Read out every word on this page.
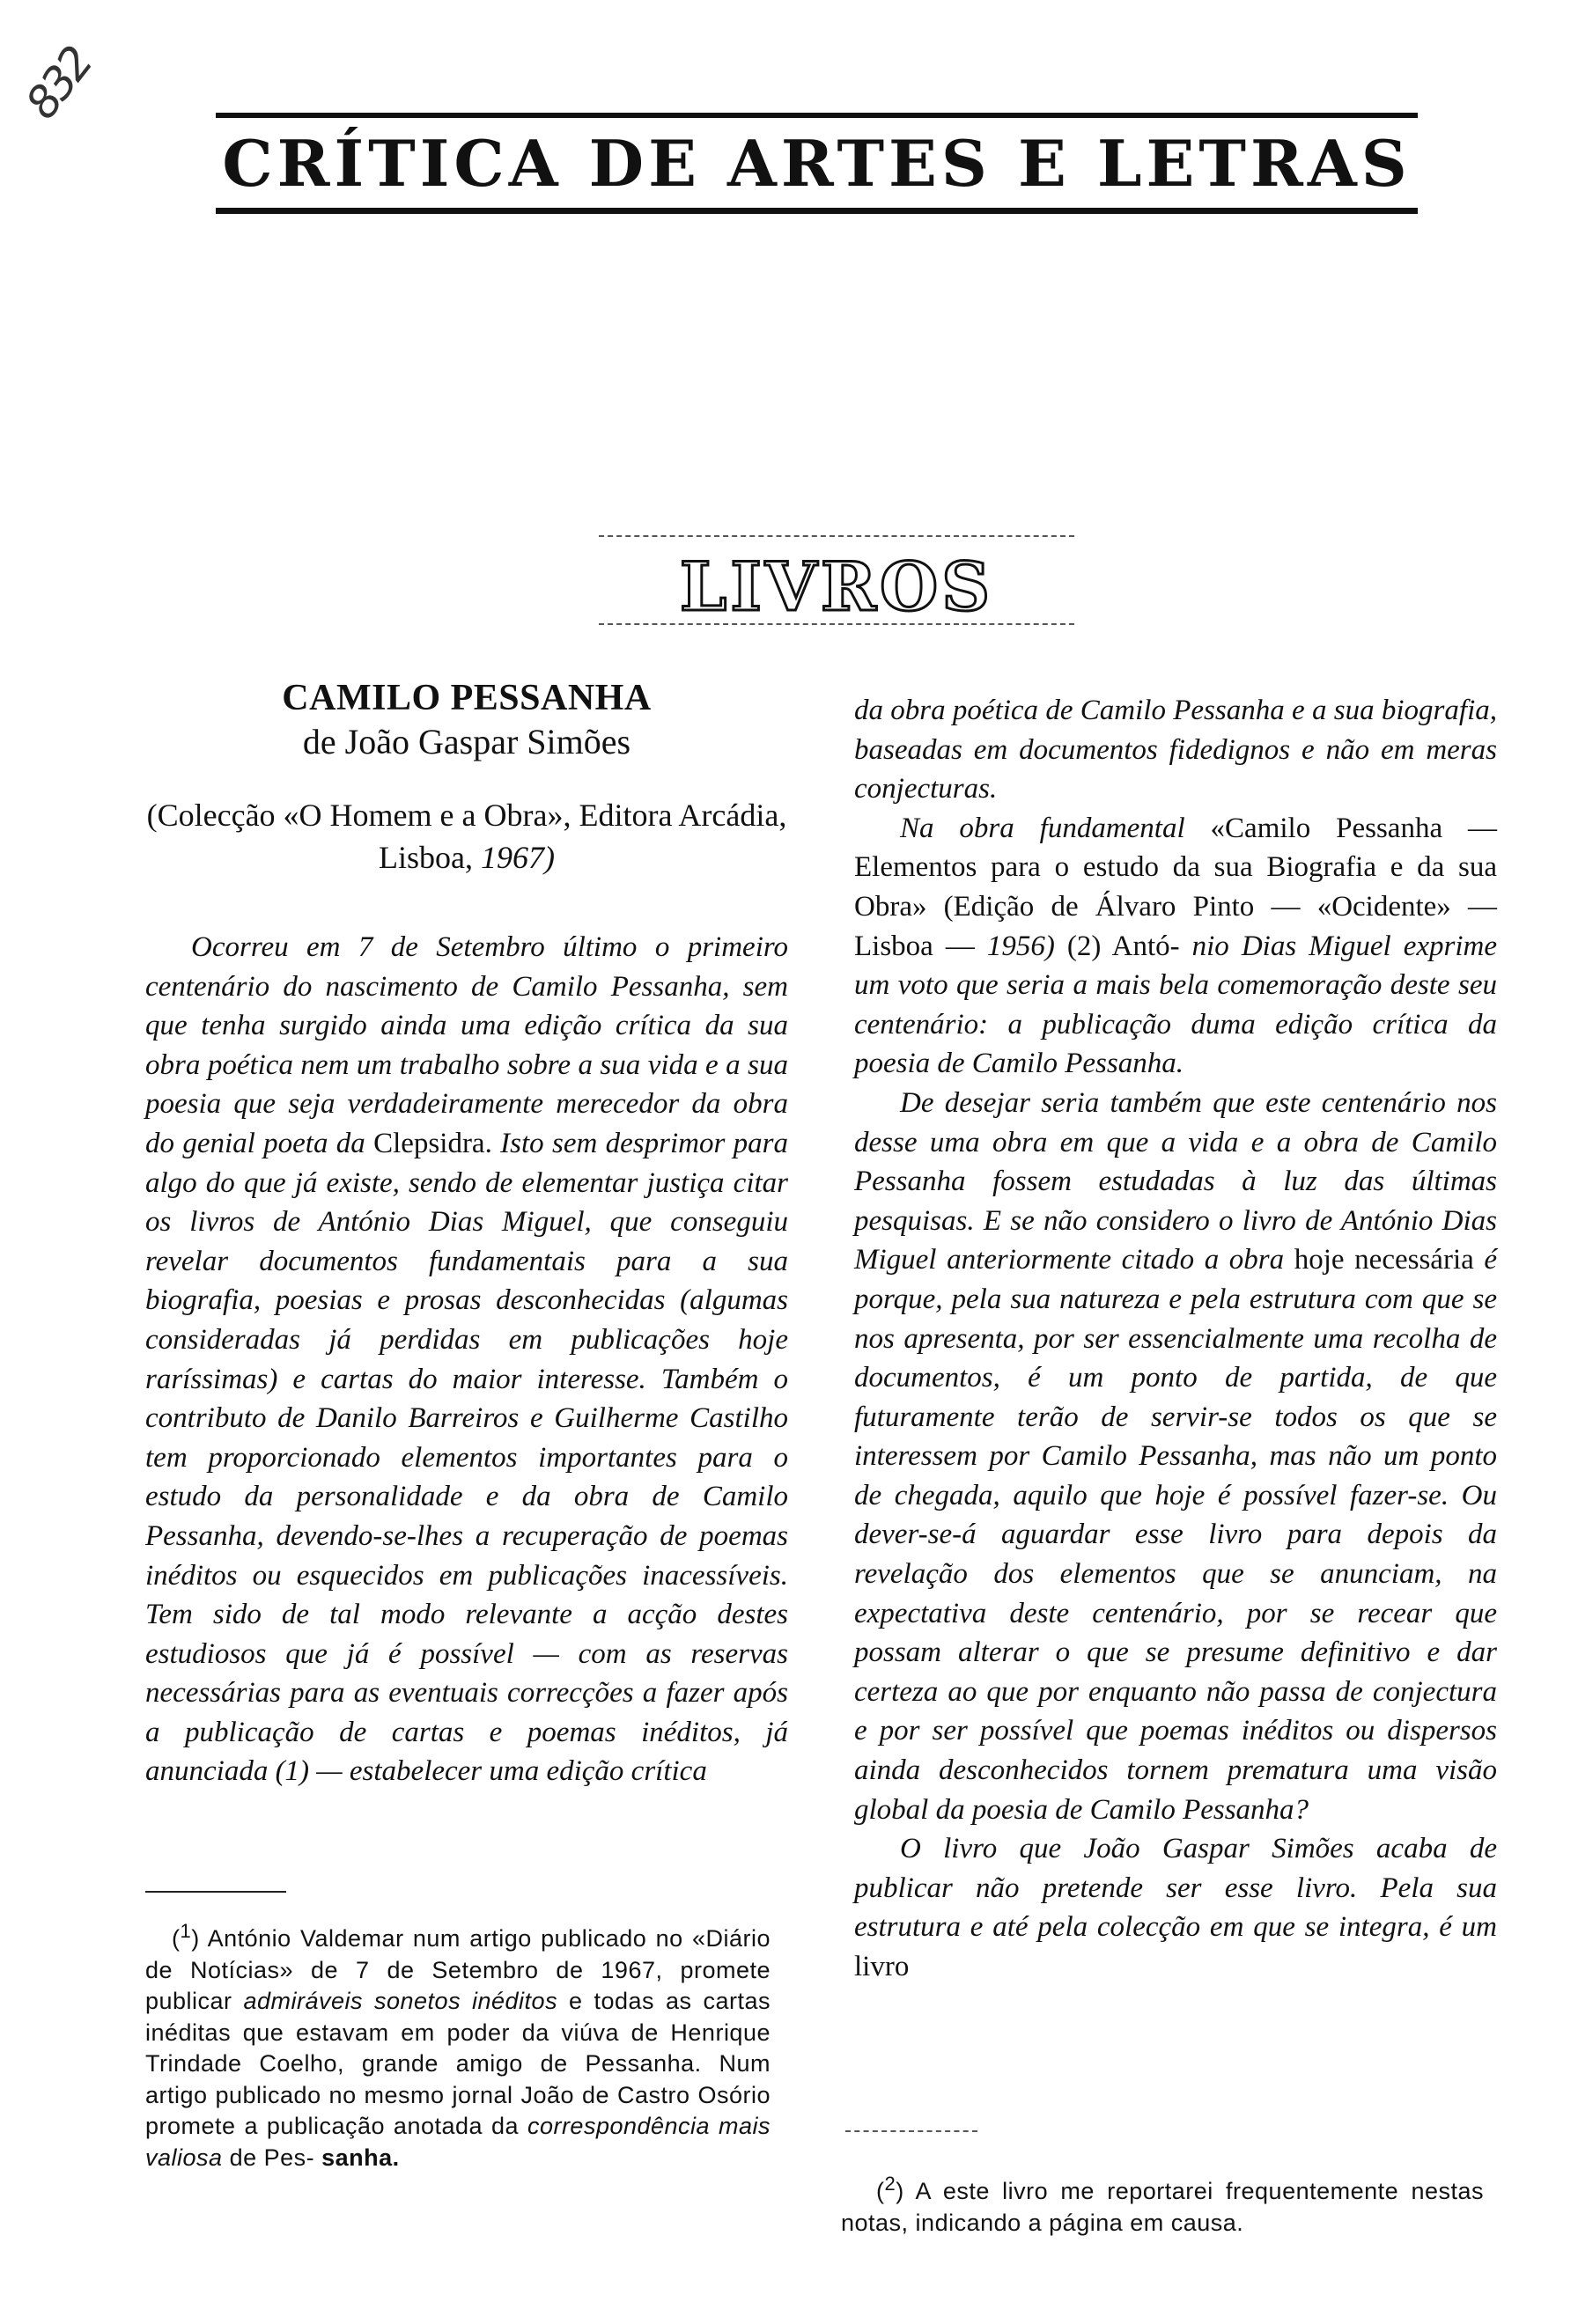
832
CRÍTICA DE ARTES E LETRAS
LIVROS
CAMILO PESSANHA
de João Gaspar Simões
(Colecção «O Homem e a Obra», Editora Arcádia, Lisboa, 1967)

Ocorreu em 7 de Setembro último o primeiro centenário do nascimento de Camilo Pessanha, sem que tenha surgido ainda uma edição crítica da sua obra poética nem um trabalho sobre a sua vida e a sua poesia que seja verdadeiramente merecedor da obra do genial poeta da Clepsidra. Isto sem desprimor para algo do que já existe, sendo de elementar justiça citar os livros de António Dias Miguel, que conseguiu revelar documentos fundamentais para a sua biografia, poesias e prosas desconhecidas (algumas consideradas já perdidas em publicações hoje raríssimas) e cartas do maior interesse. Também o contributo de Danilo Barreiros e Guilherme Castilho tem proporcionado elementos importantes para o estudo da personalidade e da obra de Camilo Pessanha, devendo-se-lhes a recuperação de poemas inéditos ou esquecidos em publicações inacessíveis. Tem sido de tal modo relevante a acção destes estudiosos que já é possível — com as reservas necessárias para as eventuais correcções a fazer após a publicação de cartas e poemas inéditos, já anunciada (1) — estabelecer uma edição crítica

($^1$) António Valdemar num artigo publicado no «Diário de Notícias» de 7 de Setembro de 1967, promete publicar admiráveis sonetos inéditos e todas as cartas inéditas que estavam em poder da viúva de Henrique Trindade Coelho, grande amigo de Pessanha. Num artigo publicado no mesmo jornal João de Castro Osório promete a publicação anotada da correspondência mais valiosa de Pes- sanha.

da obra poética de Camilo Pessanha e a sua biografia, baseadas em documentos fidedignos e não em meras conjecturas.

Na obra fundamental «Camilo Pessanha — Elementos para o estudo da sua Biografia e da sua Obra» (Edição de Álvaro Pinto — «Ocidente» — Lisboa — 1956) (2) Antó- nio Dias Miguel exprime um voto que seria a mais bela comemoração deste seu centenário: a publicação duma edição crítica da poesia de Camilo Pessanha.

De desejar seria também que este centenário nos desse uma obra em que a vida e a obra de Camilo Pessanha fossem estudadas à luz das últimas pesquisas. E se não considero o livro de António Dias Miguel anteriormente citado a obra hoje necessária é porque, pela sua natureza e pela estrutura com que se nos apresenta, por ser essencialmente uma recolha de documentos, é um ponto de partida, de que futuramente terão de servir-se todos os que se interessem por Camilo Pessanha, mas não um ponto de chegada, aquilo que hoje é possível fazer-se. Ou dever-se-á aguardar esse livro para depois da revelação dos elementos que se anunciam, na expectativa deste centenário, por se recear que possam alterar o que se presume definitivo e dar certeza ao que por enquanto não passa de conjectura e por ser possível que poemas inéditos ou dispersos ainda desconhecidos tornem prematura uma visão global da poesia de Camilo Pessanha?

O livro que João Gaspar Simões acaba de publicar não pretende ser esse livro. Pela sua estrutura e até pela colecção em que se integra, é um livro

($^2$) A este livro me reportarei frequentemente nestas notas, indicando a página em causa.
